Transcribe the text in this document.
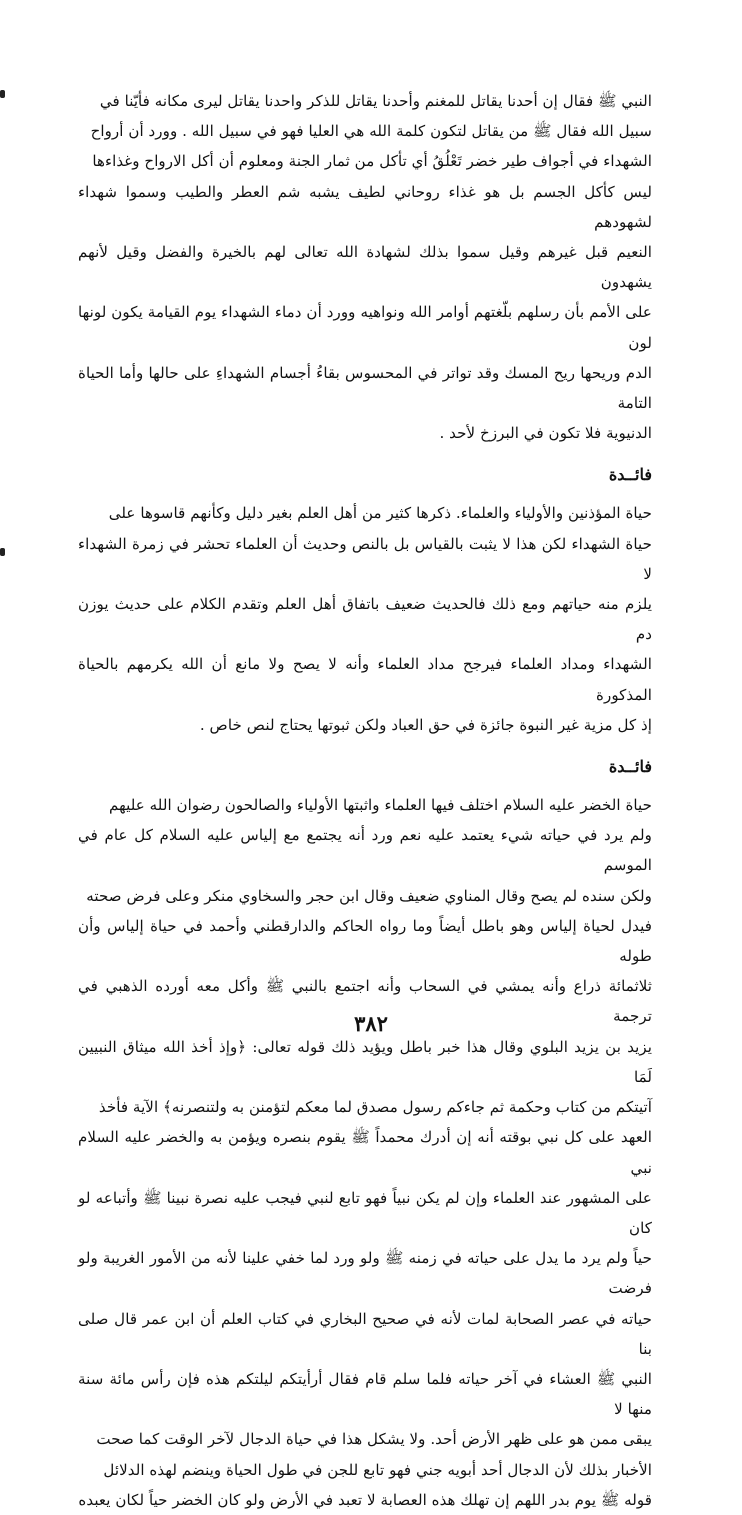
النبي ﷺ فقال إن أحدنا يقاتل للمغنم وأحدنا يقاتل للذكر واحدنا يقاتل ليرى مكانه فأيّنا في

سبيل الله فقال ﷺ من يقاتل لتكون كلمة الله هي العليا فهو في سبيل الله . وورد أن أرواح

الشهداء في أجواف طير خضر تَعْلُقُ أي تأكل من ثمار الجنة ومعلوم أن أكل الارواح وغذاءها

ليس كأكل الجسم بل هو غذاء روحاني لطيف يشبه شم العطر والطيب وسموا شهداء لشهودهم

النعيم قبل غيرهم وقيل سموا بذلك لشهادة الله تعالى لهم بالخيرة والفضل وقيل لأنهم يشهدون

على الأمم بأن رسلهم بلّغتهم أوامر الله ونواهيه وورد أن دماء الشهداء يوم القيامة يكون لونها لون

الدم وريحها ريح المسك وقد تواتر في المحسوس بقاءُ أجسام الشهداءِ على حالها وأما الحياة التامة

الدنيوية فلا تكون في البرزخ لأحد .

فائــدة

حياة المؤذنين والأولياء والعلماء. ذكرها كثير من أهل العلم بغير دليل وكأنهم قاسوها على

حياة الشهداء لكن هذا لا يثبت بالقياس بل بالنص وحديث أن العلماء تحشر في زمرة الشهداء لا

يلزم منه حياتهم ومع ذلك فالحديث ضعيف باتفاق أهل العلم وتقدم الكلام على حديث يوزن دم

الشهداء ومداد العلماء فيرجح مداد العلماء وأنه لا يصح ولا مانع أن الله يكرمهم بالحياة المذكورة

إذ كل مزية غير النبوة جائزة في حق العباد ولكن ثبوتها يحتاج لنص خاص .

فائــدة

حياة الخضر عليه السلام اختلف فيها العلماء واثبتها الأولياء والصالحون رضوان الله عليهم

ولم يرد في حياته شيء يعتمد عليه نعم ورد أنه يجتمع مع إلياس عليه السلام كل عام في الموسم

ولكن سنده لم يصح وقال المناوي ضعيف وقال ابن حجر والسخاوي منكر وعلى فرض صحته

فيدل لحياة إلياس وهو باطل أيضاً وما رواه الحاكم والدارقطني وأحمد في حياة إلياس وأن طوله

ثلاثمائة ذراع وأنه يمشي في السحاب وأنه اجتمع بالنبي ﷺ وأكل معه أورده الذهبي في ترجمة

يزيد بن يزيد البلوي وقال هذا خبر باطل ويؤيد ذلك قوله تعالى: ﴿وإذ أخذ الله ميثاق النبيين لَمَا

آتيتكم من كتاب وحكمة ثم جاءكم رسول مصدق لما معكم لتؤمنن به ولتنصرنه﴾ الآية فأخذ

العهد على كل نبي بوقته أنه إن أدرك محمداً ﷺ يقوم بنصره ويؤمن به والخضر عليه السلام نبي

على المشهور عند العلماء وإن لم يكن نبياً فهو تابع لنبي فيجب عليه نصرة نبينا ﷺ وأتباعه لو كان

حياً ولم يرد ما يدل على حياته في زمنه ﷺ ولو ورد لما خفي علينا لأنه من الأمور الغريبة ولو فرضت

حياته في عصر الصحابة لمات لأنه في صحيح البخاري في كتاب العلم أن ابن عمر قال صلى بنا

النبي ﷺ العشاء في آخر حياته فلما سلم قام فقال أرأيتكم ليلتكم هذه فإن رأس مائة سنة منها لا

يبقى ممن هو على ظهر الأرض أحد. ولا يشكل هذا في حياة الدجال لآخر الوقت كما صحت

الأخبار بذلك لأن الدجال أحد أبويه جني فهو تابع للجن في طول الحياة وينضم لهذه الدلائل

قوله ﷺ يوم بدر اللهم إن تهلك هذه العصابة لا تعبد في الأرض ولو كان الخضر حياً لكان يعبده

٣٨٢
